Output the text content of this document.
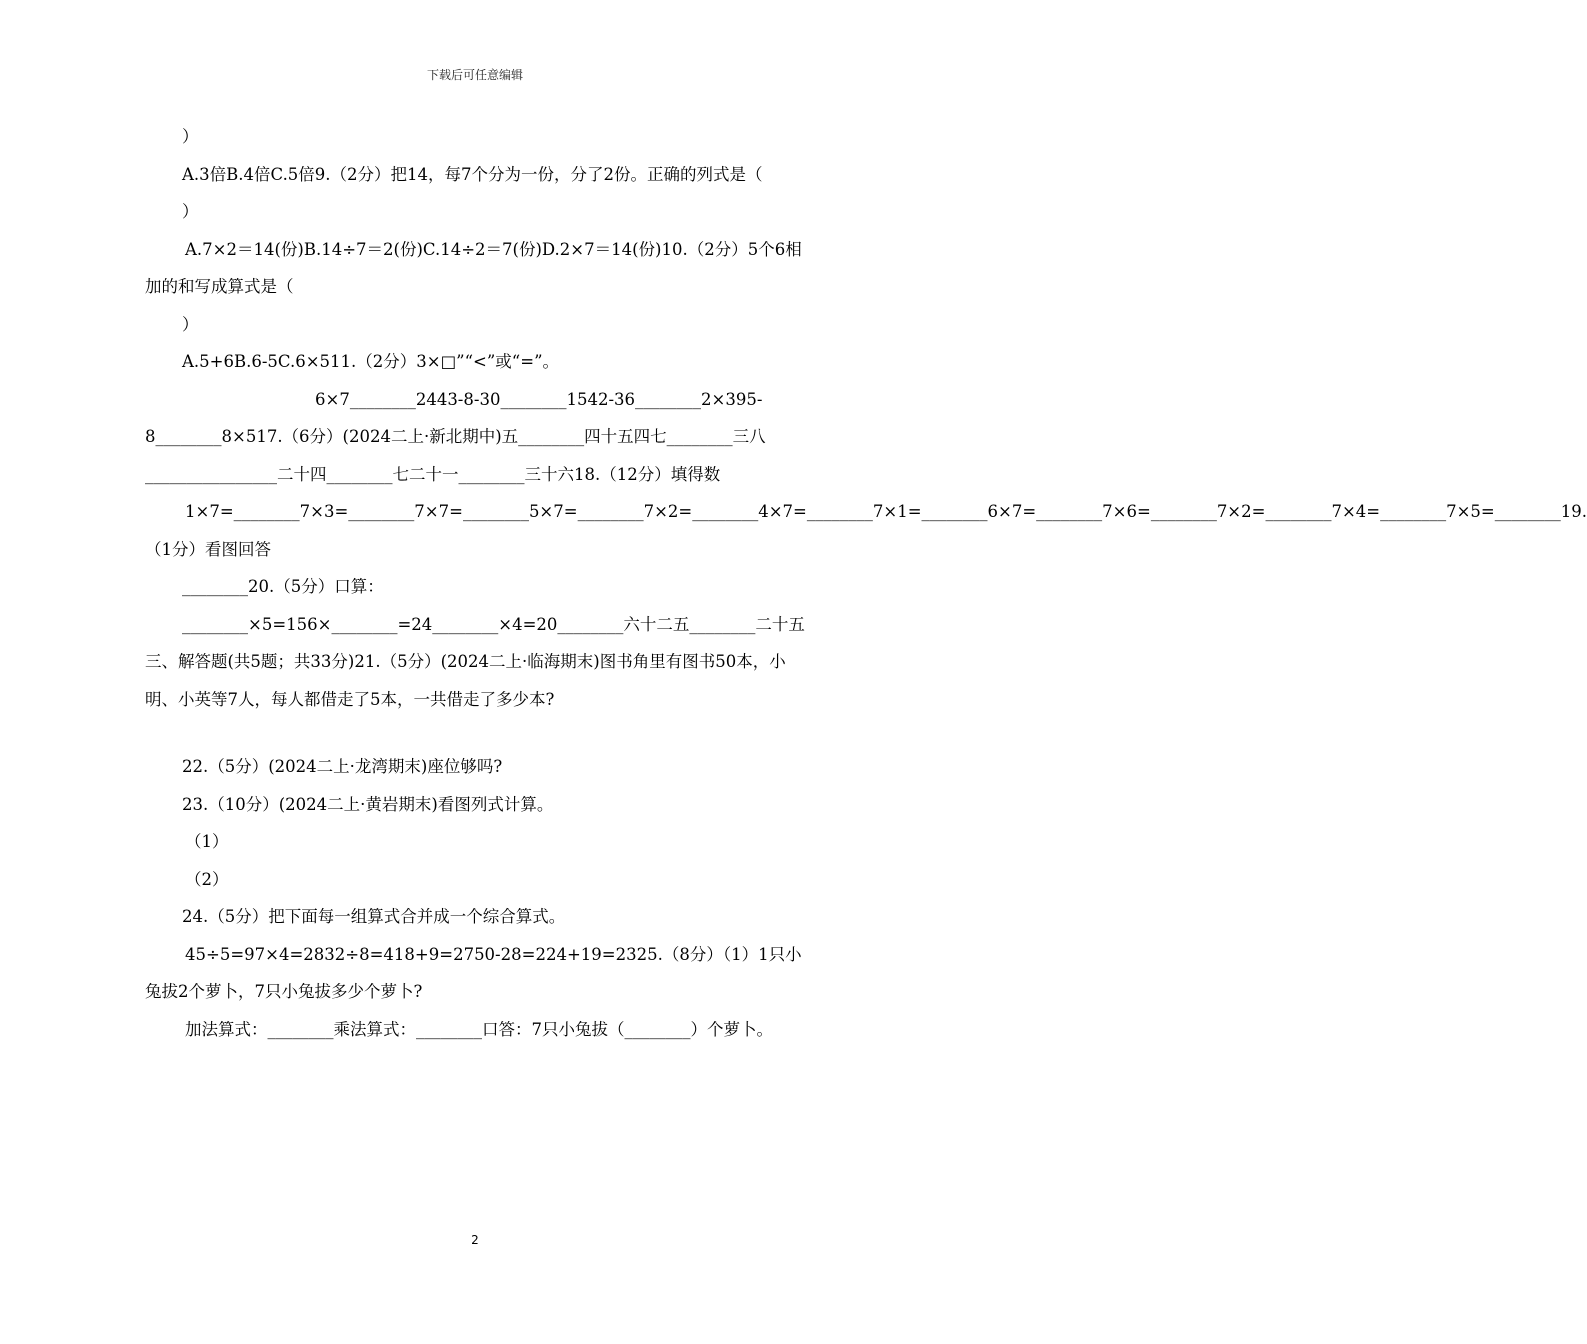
下载后可任意编辑

）

A.3倍B.4倍C.5倍9.（2分）把14，每7个分为一份，分了2份。正确的列式是（

）

A.7×2＝14(份)B.14÷7＝2(份)C.14÷2＝7(份)D.2×7＝14(份)10.（2分）5个6相加的和写成算式是（

）

A.5+6B.6-5C.6×511.（2分）3×□”“<”或“=”。

6×7________2443-8-30________1542-36________2×395-8________8×517.（6分）(2024二上·新北期中)五________四十五四七________三八________________二十四________七二十一________三十六18.（12分）填得数

1×7=________7×3=________7×7=________5×7=________7×2=________4×7=________7×1=________6×7=________7×6=________7×2=________7×4=________7×5=________19.（1分）看图回答

________20.（5分）口算：

________×5=156×________=24________×4=20________六十二五________二十五三、解答题(共5题；共33分)21.（5分）(2024二上·临海期末)图书角里有图书50本，小明、小英等7人，每人都借走了5本，一共借走了多少本?

22.（5分）(2024二上·龙湾期末)座位够吗?

23.（10分）(2024二上·黄岩期末)看图列式计算。

（1）

（2）

24.（5分）把下面每一组算式合并成一个综合算式。

45÷5=97×4=2832÷8=418+9=2750-28=224+19=2325.（8分）（1）1只小兔拔2个萝卜，7只小兔拔多少个萝卜?

加法算式：________乘法算式：________口答：7只小兔拔（________）个萝卜。

2
